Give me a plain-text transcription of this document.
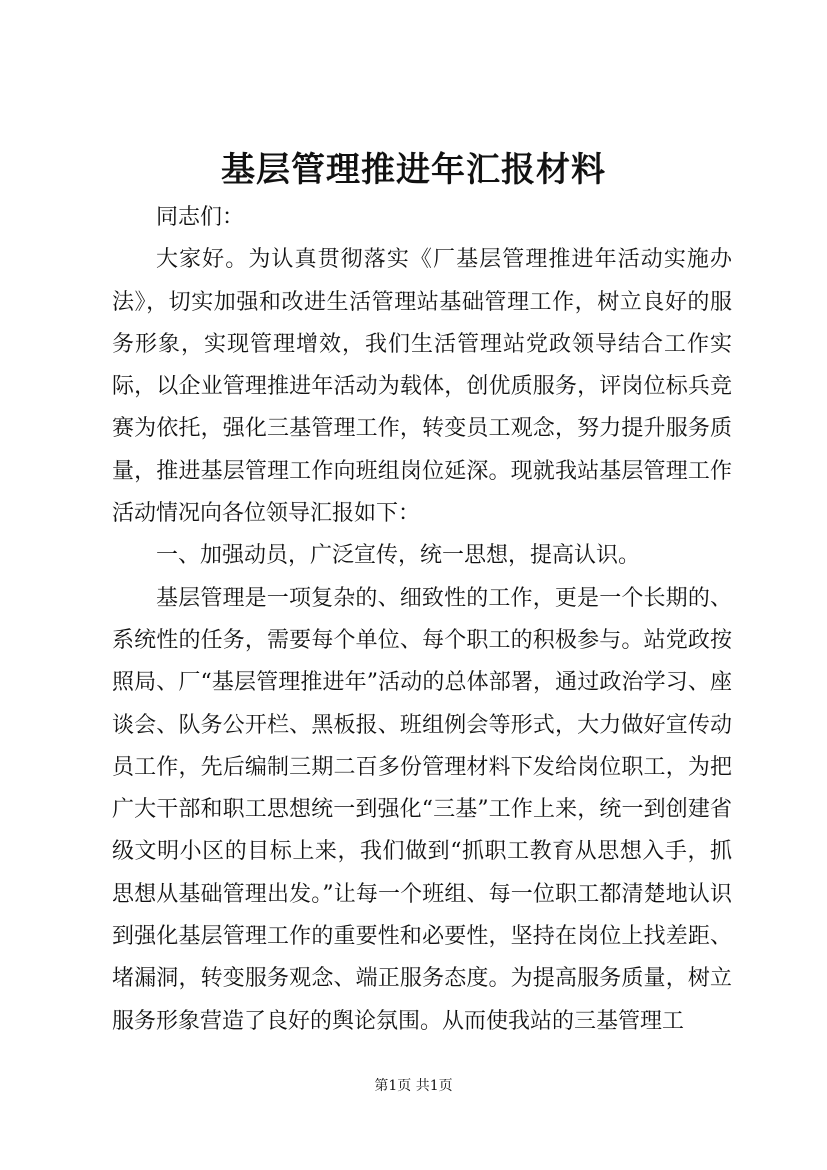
基层管理推进年汇报材料

同志们：

大家好。为认真贯彻落实《厂基层管理推进年活动实施办法》，切实加强和改进生活管理站基础管理工作，树立良好的服务形象，实现管理增效，我们生活管理站党政领导结合工作实际，以企业管理推进年活动为载体，创优质服务，评岗位标兵竞赛为依托，强化三基管理工作，转变员工观念，努力提升服务质量，推进基层管理工作向班组岗位延深。现就我站基层管理工作活动情况向各位领导汇报如下：

一、加强动员，广泛宣传，统一思想，提高认识。

基层管理是一项复杂的、细致性的工作，更是一个长期的、系统性的任务，需要每个单位、每个职工的积极参与。站党政按照局、厂“基层管理推进年”活动的总体部署，通过政治学习、座谈会、队务公开栏、黑板报、班组例会等形式，大力做好宣传动员工作，先后编制三期二百多份管理材料下发给岗位职工，为把广大干部和职工思想统一到强化“三基”工作上来，统一到创建省级文明小区的目标上来，我们做到“抓职工教育从思想入手，抓思想从基础管理出发。”让每一个班组、每一位职工都清楚地认识到强化基层管理工作的重要性和必要性，坚持在岗位上找差距、堵漏洞，转变服务观念、端正服务态度。为提高服务质量，树立服务形象营造了良好的舆论氛围。从而使我站的三基管理工

第1页 共1页
